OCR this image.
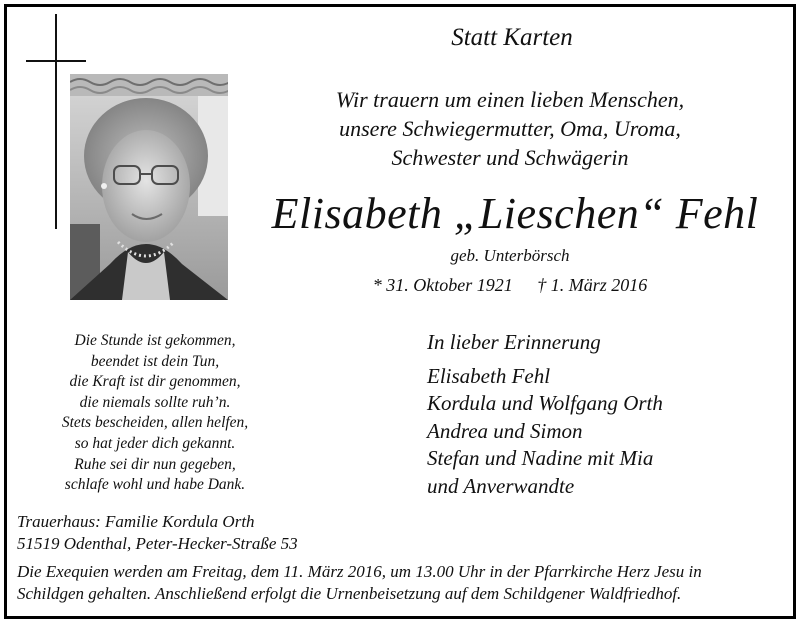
Statt Karten
Wir trauern um einen lieben Menschen,
unsere Schwiegermutter, Oma, Uroma,
Schwester und Schwägerin
Elisabeth „Lieschen“ Fehl
geb. Unterbörsch
* 31. Oktober 1921 † 1. März 2016
Die Stunde ist gekommen,
beendet ist dein Tun,
die Kraft ist dir genommen,
die niemals sollte ruh’n.
Stets bescheiden, allen helfen,
so hat jeder dich gekannt.
Ruhe sei dir nun gegeben,
schlafe wohl und habe Dank.
In lieber Erinnerung
Elisabeth Fehl
Kordula und Wolfgang Orth
Andrea und Simon
Stefan und Nadine mit Mia
und Anverwandte
Trauerhaus: Familie Kordula Orth
51519 Odenthal, Peter-Hecker-Straße 53
Die Exequien werden am Freitag, dem 11. März 2016, um 13.00 Uhr in der Pfarrkirche Herz Jesu in
Schildgen gehalten. Anschließend erfolgt die Urnenbeisetzung auf dem Schildgener Waldfriedhof.
